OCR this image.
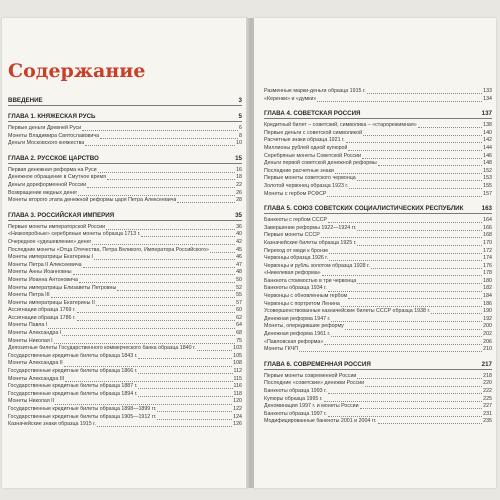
Содержание
ВВЕДЕНИЕ	3
ГЛАВА 1. КНЯЖЕСКАЯ РУСЬ	5
Первые деньги Древней Руси	6
Монеты Владимира Святославовича	8
Деньги Московского княжества	10
ГЛАВА 2. РУССКОЕ ЦАРСТВО	15
Первая денежная реформа на Руси	16
Денежное обращение в Смутное время	18
Деньги дореформенной России	22
Возвращение медных денег	26
Монеты второго этапа денежной реформы царя Петра Алексеевича	28
ГЛАВА 3. РОССИЙСКАЯ ИМПЕРИЯ	35
Первые монеты императорской России	36
«Низкопробные» серебряные монеты образца 1713 г.	40
Очередное «удешевление» денег	42
Последние монеты «Отца Отечества, Петра Великого, Императора Российского»	45
Монеты императрицы Екатерины I	46
Монеты Петра II Алексеевича	47
Монеты Анны Иоанновны	48
Монеты Иоанна Антоновича	50
Монеты императрицы Елизаветы Петровны	52
Монеты Петра III	55
Монеты императрицы Екатерины II	57
Ассигнации образца 1769 г.	60
Ассигнации образца 1786 г.	62
Монеты Павла I	64
Монеты Александра I	68
Монеты Николая I	75
Депозитные билеты Государственного коммерческого банка образца 1840 г.	103
Государственные кредитные билеты образца 1843 г.	105
Монеты Александра II	108
Государственные кредитные билеты образца 1866 г.	112
Монеты Александра III	115
Государственные кредитные билеты образца 1887 г.	116
Государственные кредитные билеты образца 1894 г.	118
Монеты Николая II	120
Государственные кредитные билеты образца 1898—1899 гг.	122
Государственные кредитные билеты образца 1905—1912 гг.	124
Казначейские знаки образца 1915 г.	126
Разменные марки-деньги образца 1915 г.	133
«Керенки» и «думки»	134
ГЛАВА 4. СОВЕТСКАЯ РОССИЯ	137
Кредитный билет – советский, символика – «старорежимная»	138
Первые деньги с советской символикой	140
Расчетные знаки образца 1921 г.	142
Миллионы рублей одной купюрой	144
Серебряные монеты Советской России	146
Деньги первой советской денежной реформы	148
Последние расчетные знаки	152
Первые монеты советского червонца	153
Золотой червонец образца 1923 г.	155
Монеты с гербом РСФСР	157
ГЛАВА 5. СОЮЗ СОВЕТСКИХ СОЦИАЛИСТИЧЕСКИХ РЕСПУБЛИК	163
Банкноты с гербом СССР	164
Завершение реформы 1922—1924 гг.	166
Первые монеты СССР	168
Казначейские билеты образца 1925 г.	170
Переход от меди к бронзе	172
Червонцы образца 1926 г.	174
Червонцы и рубль золотом образца 1928 г.	176
«Никелевая реформа»	178
Банкнота стоимостью в три червонца	180
Банкноты образца 1934 г.	182
Червонцы с обновленным гербом	184
Червонцы с портретом Ленина	186
Усовершенствованные казначейские билеты СССР образца 1938 г.	190
Денежная реформа 1947 г.	192
Монеты, опередившие реформу	200
Денежная реформа 1961 г.	202
«Павловская реформа»	206
Монеты ГКЧП	210
ГЛАВА 6. СОВРЕМЕННАЯ РОССИЯ	217
Первые монеты современной России	218
Последние «советские» денежки России	220
Банкноты образца 1993 г.	222
Купюры образца 1995 г.	225
Деноминация 1997 г. и монеты России	227
Банкноты образца 1997 г.	231
Модифицированные банкноты 2001 и 2004 гг.	235
